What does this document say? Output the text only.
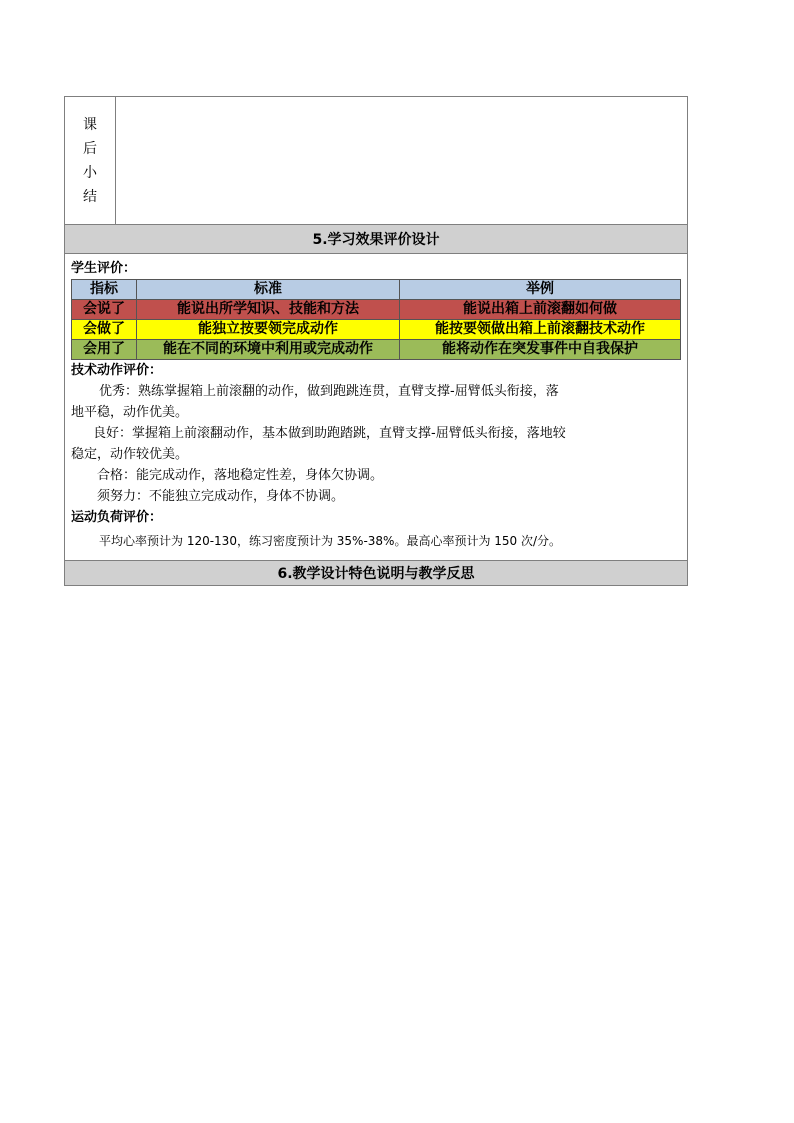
课
后
小
结
5.学习效果评价设计
学生评价：
指标	标准	举例
会说了	能说出所学知识、技能和方法	能说出箱上前滚翻如何做
会做了	能独立按要领完成动作	能按要领做出箱上前滚翻技术动作
会用了	能在不同的环境中利用或完成动作	能将动作在突发事件中自我保护
技术动作评价：
优秀：熟练掌握箱上前滚翻的动作，做到跑跳连贯，直臂支撑-屈臂低头衔接，落
地平稳，动作优美。
良好：掌握箱上前滚翻动作，基本做到助跑踏跳，直臂支撑-屈臂低头衔接，落地较
稳定，动作较优美。
合格：能完成动作，落地稳定性差，身体欠协调。
须努力：不能独立完成动作，身体不协调。
运动负荷评价：
平均心率预计为 120-130，练习密度预计为 35%-38%。最高心率预计为 150 次/分。
6.教学设计特色说明与教学反思
